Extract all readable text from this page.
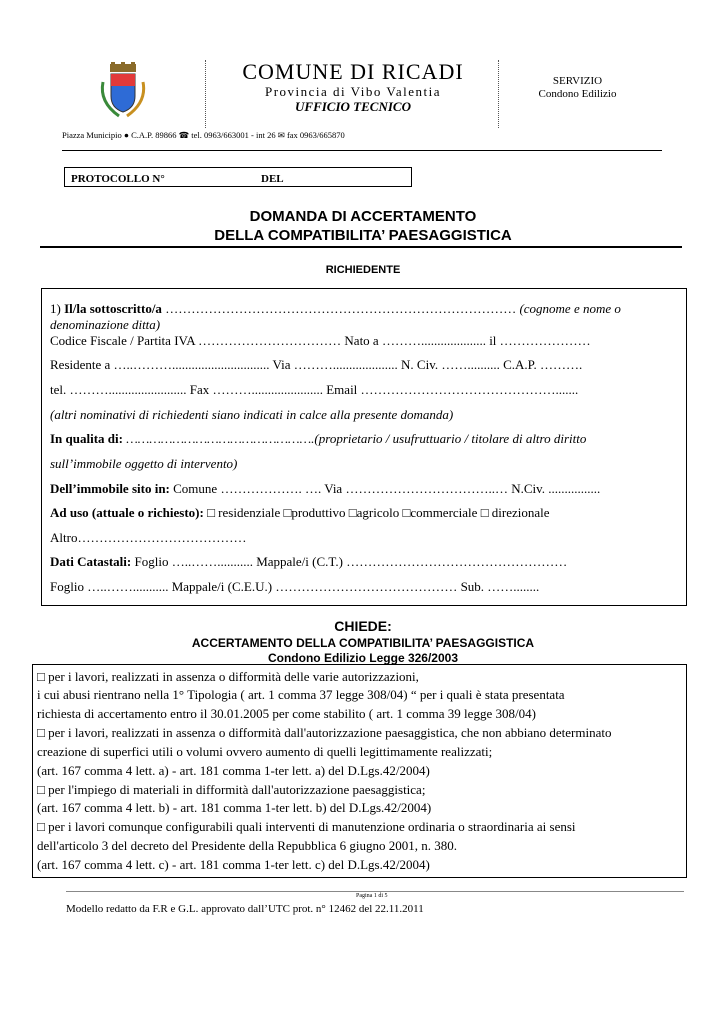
COMUNE DI RICADI
Provincia di Vibo Valentia
UFFICIO TECNICO
SERVIZIO
Condono Edilizio
Piazza Municipio ● C.A.P. 89866 ☎ tel. 0963/663001 - int 26 ✉ fax 0963/665870
PROTOCOLLO N°	DEL
DOMANDA DI ACCERTAMENTO
DELLA COMPATIBILITA’ PAESAGGISTICA
RICHIEDENTE
1) Il/la sottoscritto/a ……………………………………………………………………… (cognome e nome o
denominazione ditta)
Codice Fiscale / Partita IVA …………………………… Nato a ……….................... il …………………
Residente a …..……….............................. Via ……….................... N. Civ. …….......... C.A.P. ……….
tel. ………........................ Fax ………...................... Email ……………………………………….......
(altri nominativi di richiedenti siano indicati in calce alla presente domanda)
In qualita di: ………………………………………….(proprietario / usufruttuario / titolare di altro diritto
sull’immobile oggetto di intervento)
Dell’immobile sito in: Comune ………………. …. Via ……………………………..… N.Civ. ................
Ad uso (attuale o richiesto): □ residenziale □produttivo □agricolo □commerciale □ direzionale
Altro…………………………………
Dati Catastali: Foglio …..……........... Mappale/i (C.T.) ……………………………………………
Foglio …..……........... Mappale/i (C.E.U.) …………………………………… Sub. ……........
CHIEDE:
ACCERTAMENTO DELLA COMPATIBILITA’ PAESAGGISTICA
Condono Edilizio Legge 326/2003
□ per i lavori, realizzati in assenza o difformità delle varie autorizzazioni,
i cui abusi rientrano nella 1° Tipologia ( art. 1 comma 37 legge 308/04) “ per i quali è stata presentata
richiesta di accertamento entro il 30.01.2005 per come stabilito ( art. 1 comma 39 legge 308/04)
□ per i lavori, realizzati in assenza o difformità dall'autorizzazione paesaggistica, che non abbiano determinato
creazione di superfici utili o volumi ovvero aumento di quelli legittimamente realizzati;
(art. 167 comma 4 lett. a) - art. 181 comma 1-ter lett. a) del D.Lgs.42/2004)
□ per l'impiego di materiali in difformità dall'autorizzazione paesaggistica;
(art. 167 comma 4 lett. b) - art. 181 comma 1-ter lett. b) del D.Lgs.42/2004)
□ per i lavori comunque configurabili quali interventi di manutenzione ordinaria o straordinaria ai sensi
dell'articolo 3 del decreto del Presidente della Repubblica 6 giugno 2001, n. 380.
(art. 167 comma 4 lett. c) - art. 181 comma 1-ter lett. c) del D.Lgs.42/2004)
Pagina 1 di 5
Modello redatto da F.R e G.L. approvato dall’UTC prot. n° 12462 del 22.11.2011
